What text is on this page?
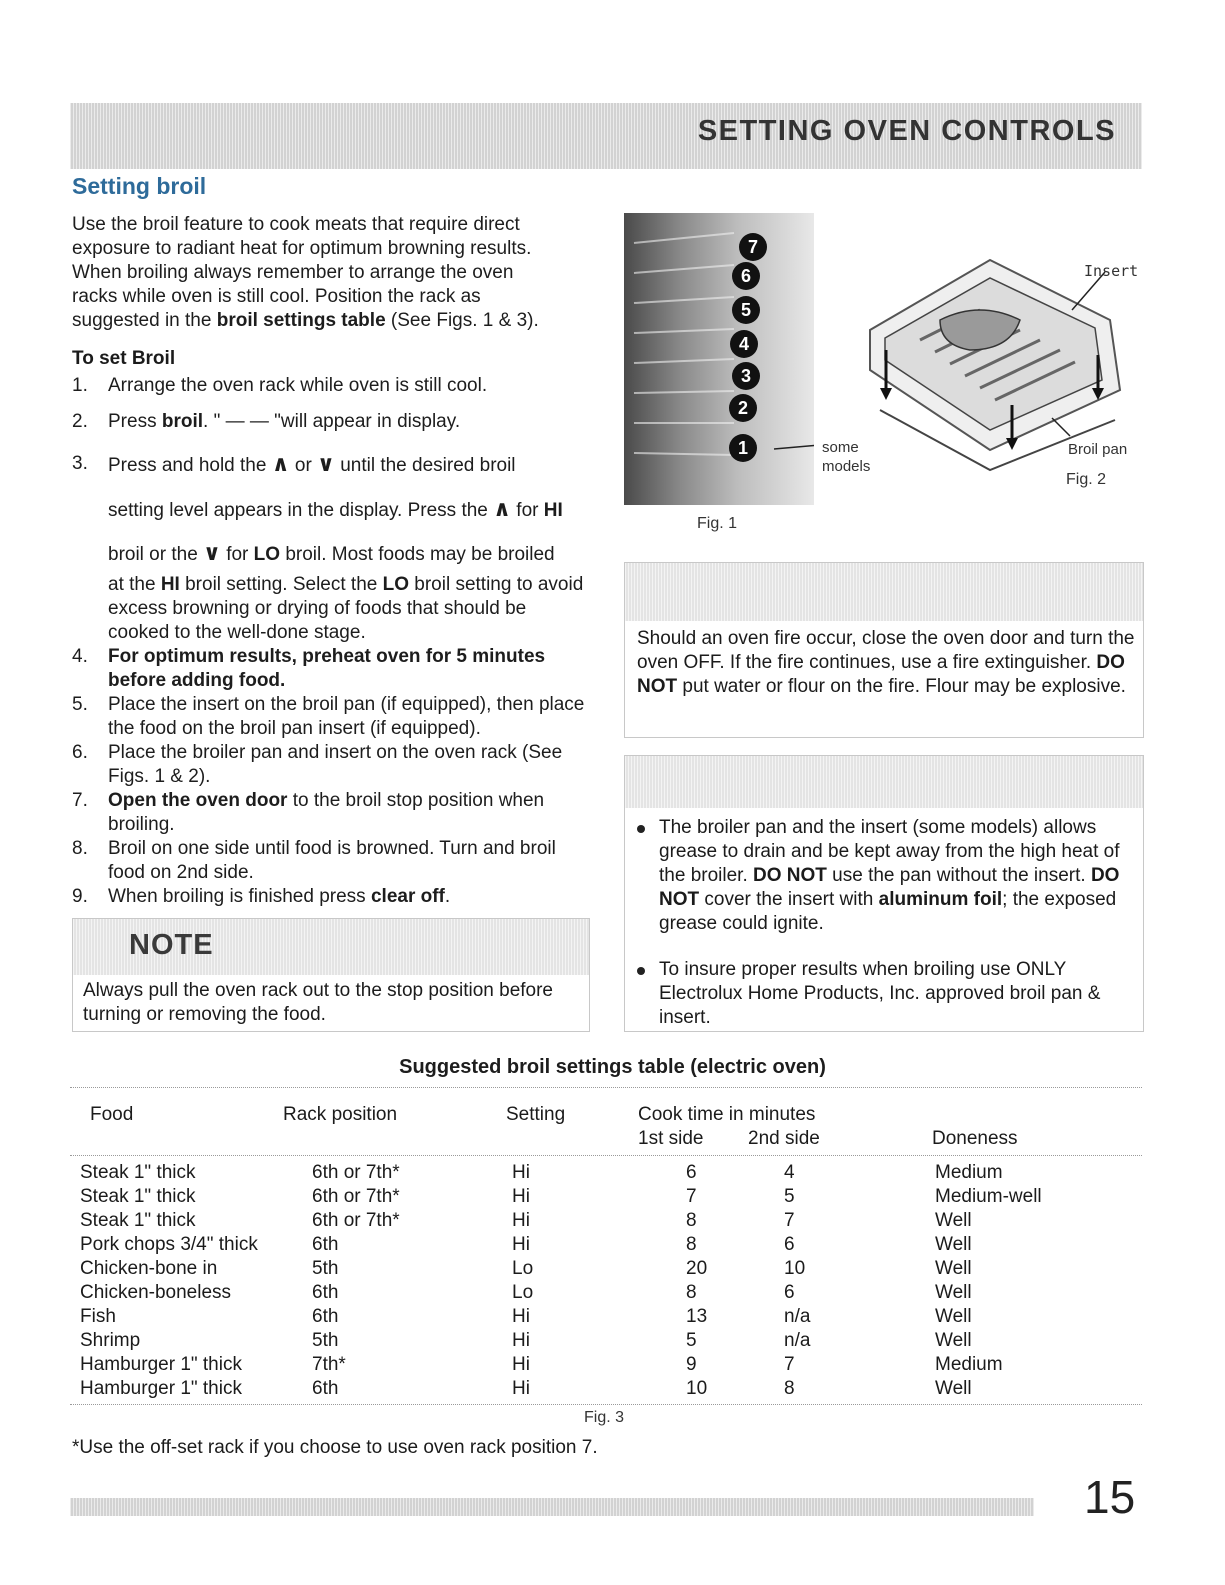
SETTING OVEN CONTROLS
Setting broil
Use the broil feature to cook meats that require direct exposure to radiant heat for optimum browning results. When broiling always remember to arrange the oven racks while oven is still cool. Position the rack as suggested in the broil settings table (See Figs. 1 & 3).
To set Broil
1. Arrange the oven rack while oven is still cool.
2. Press broil. " — — "will appear in display.
3. Press and hold the ∧ or ∨ until the desired broil
setting level appears in the display. Press the ∧ for HI
broil or the ∨ for LO broil. Most foods may be broiled
at the HI broil setting. Select the LO broil setting to avoid excess browning or drying of foods that should be cooked to the well-done stage.
4. For optimum results, preheat oven for 5 minutes before adding food.
5. Place the insert on the broil pan (if equipped), then place the food on the broil pan insert (if equipped).
6. Place the broiler pan and insert on the oven rack (See Figs. 1 & 2).
7. Open the oven door to the broil stop position when broiling.
8. Broil on one side until food is browned. Turn and broil food on 2nd side.
9. When broiling is finished press clear off.
NOTE
Always pull the oven rack out to the stop position before turning or removing the food.
7
6
5
4
3
2
1	some models
Fig. 1
Insert
Broil pan
Fig. 2
Should an oven fire occur, close the oven door and turn the oven OFF. If the fire continues, use a fire extinguisher. DO NOT put water or flour on the fire. Flour may be explosive.
The broiler pan and the insert (some models) allows grease to drain and be kept away from the high heat of the broiler. DO NOT use the pan without the insert. DO NOT cover the insert with aluminum foil; the exposed grease could ignite.
To insure proper results when broiling use ONLY Electrolux Home Products, Inc. approved broil pan & insert.
Suggested broil settings table (electric oven)
Food	Rack position	Setting	Cook time in minutes
1st side 2nd side	Doneness
Steak 1" thick	6th or 7th*	Hi	6	4	Medium
Steak 1" thick	6th or 7th*	Hi	7	5	Medium-well
Steak 1" thick	6th or 7th*	Hi	8	7	Well
Pork chops 3/4" thick	6th	Hi	8	6	Well
Chicken-bone in	5th	Lo	20	10	Well
Chicken-boneless	6th	Lo	8	6	Well
Fish	6th	Hi	13	n/a	Well
Shrimp	5th	Hi	5	n/a	Well
Hamburger 1" thick	7th*	Hi	9	7	Medium
Hamburger 1" thick	6th	Hi	10	8	Well
Fig. 3
*Use the off-set rack if you choose to use oven rack position 7.
15
